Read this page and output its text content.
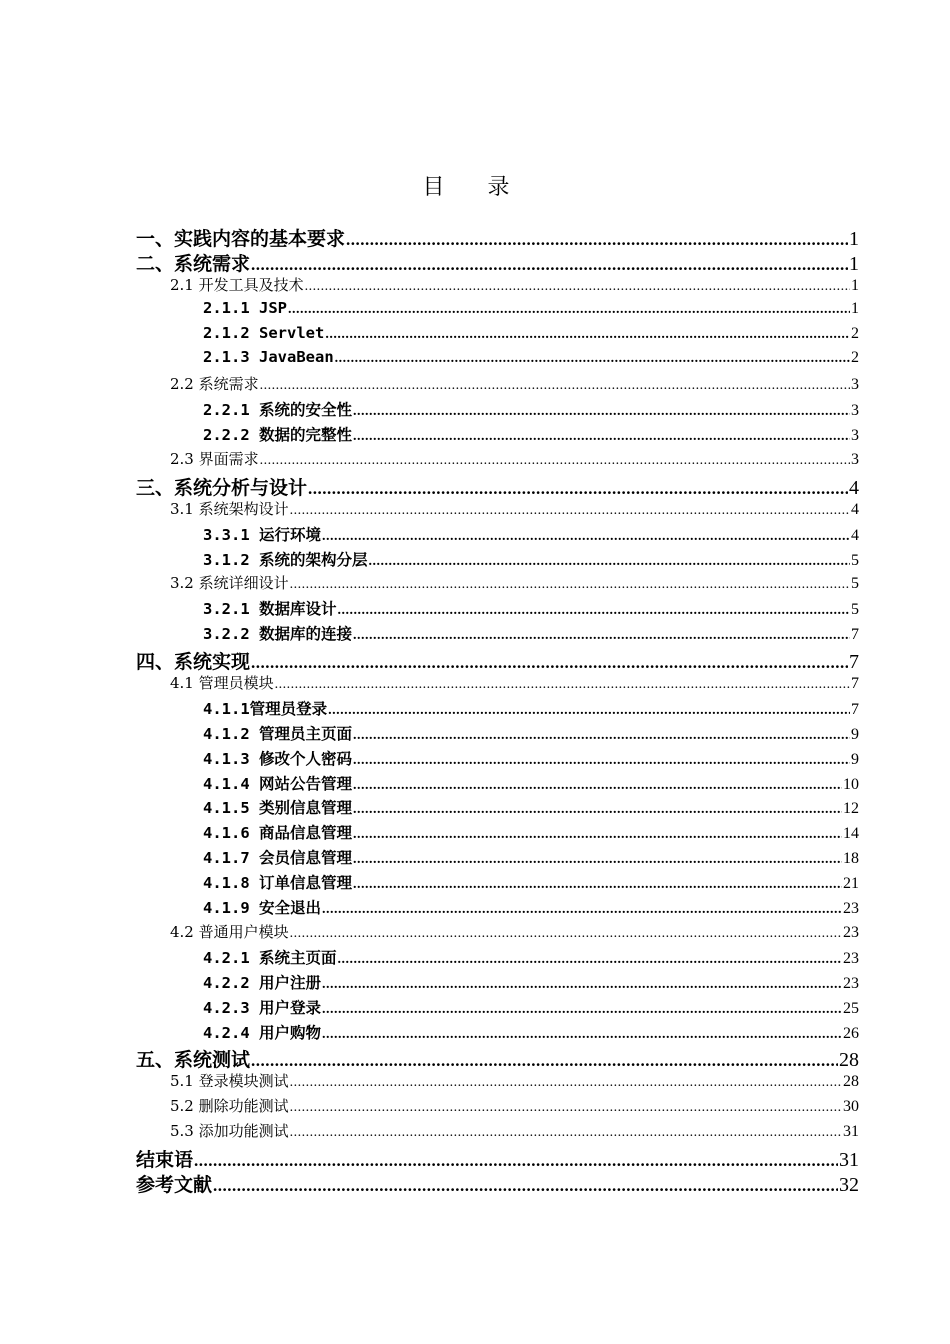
目 录
一、实践内容的基本要求 .....	1
二、系统需求 .....	1
2.1 开发工具及技术 .....	1
2.1.1 JSP .....	1
2.1.2 Servlet .....	2
2.1.3 JavaBean .....	2
2.2 系统需求 .....	3
2.2.1 系统的安全性 .....	3
2.2.2 数据的完整性 .....	3
2.3 界面需求 .....	3
三、系统分析与设计 .....	4
3.1 系统架构设计 .....	4
3.3.1 运行环境 .....	4
3.1.2 系统的架构分层 .....	5
3.2 系统详细设计 .....	5
3.2.1 数据库设计 .....	5
3.2.2 数据库的连接 .....	7
四、系统实现 .....	7
4.1 管理员模块 .....	7
4.1.1管理员登录 .....	7
4.1.2 管理员主页面 .....	9
4.1.3 修改个人密码 .....	9
4.1.4 网站公告管理 .....	10
4.1.5 类别信息管理 .....	12
4.1.6 商品信息管理 .....	14
4.1.7 会员信息管理 .....	18
4.1.8 订单信息管理 .....	21
4.1.9 安全退出 .....	23
4.2 普通用户模块 .....	23
4.2.1 系统主页面 .....	23
4.2.2 用户注册 .....	23
4.2.3 用户登录 .....	25
4.2.4 用户购物 .....	26
五、系统测试 .....	28
5.1 登录模块测试 .....	28
5.2 删除功能测试 .....	30
5.3 添加功能测试 .....	31
结束语 .....	31
参考文献 .....	32
